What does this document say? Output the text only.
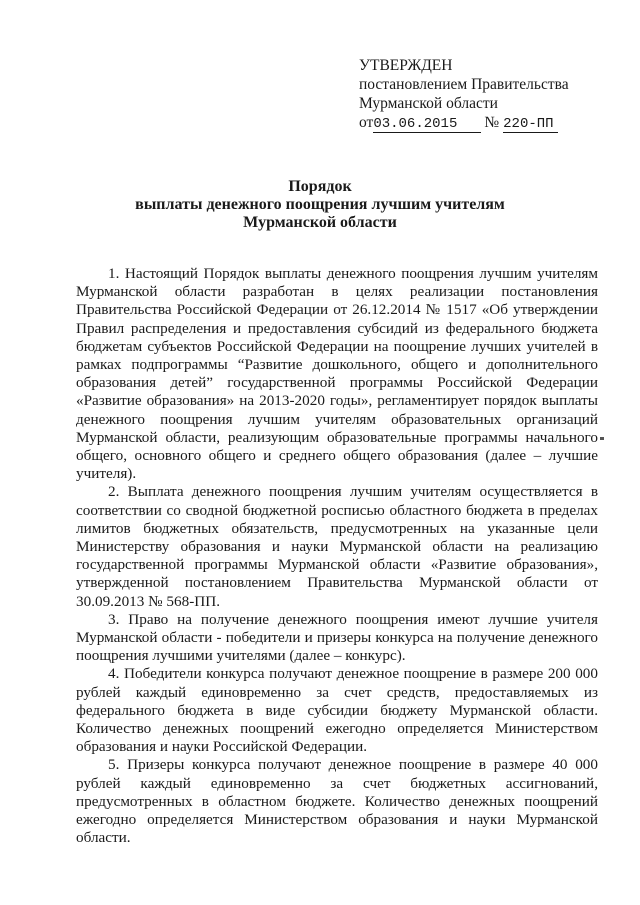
УТВЕРЖДЕН
постановлением Правительства
Мурманской области
от03.06.2015 № 220-ПП
Порядок
выплаты денежного поощрения лучшим учителям
Мурманской области

1. Настоящий Порядок выплаты денежного поощрения лучшим учителям Мурманской области разработан в целях реализации постановления Правительства Российской Федерации от 26.12.2014 № 1517 «Об утверждении Правил распределения и предоставления субсидий из федерального бюджета бюджетам субъектов Российской Федерации на поощрение лучших учителей в рамках подпрограммы “Развитие дошкольного, общего и дополнительного образования детей” государственной программы Российской Федерации «Развитие образования» на 2013-2020 годы», регламентирует порядок выплаты денежного поощрения лучшим учителям образовательных организаций Мурманской области, реализующим образовательные программы начального общего, основного общего и среднего общего образования (далее – лучшие учителя).

2. Выплата денежного поощрения лучшим учителям осуществляется в соответствии со сводной бюджетной росписью областного бюджета в пределах лимитов бюджетных обязательств, предусмотренных на указанные цели Министерству образования и науки Мурманской области на реализацию государственной программы Мурманской области «Развитие образования», утвержденной постановлением Правительства Мурманской области от 30.09.2013 № 568-ПП.

3. Право на получение денежного поощрения имеют лучшие учителя Мурманской области - победители и призеры конкурса на получение денежного поощрения лучшими учителями (далее – конкурс).

4. Победители конкурса получают денежное поощрение в размере 200 000 рублей каждый единовременно за счет средств, предоставляемых из федерального бюджета в виде субсидии бюджету Мурманской области. Количество денежных поощрений ежегодно определяется Министерством образования и науки Российской Федерации.

5. Призеры конкурса получают денежное поощрение в размере 40 000 рублей каждый единовременно за счет бюджетных ассигнований, предусмотренных в областном бюджете. Количество денежных поощрений ежегодно определяется Министерством образования и науки Мурманской области.
